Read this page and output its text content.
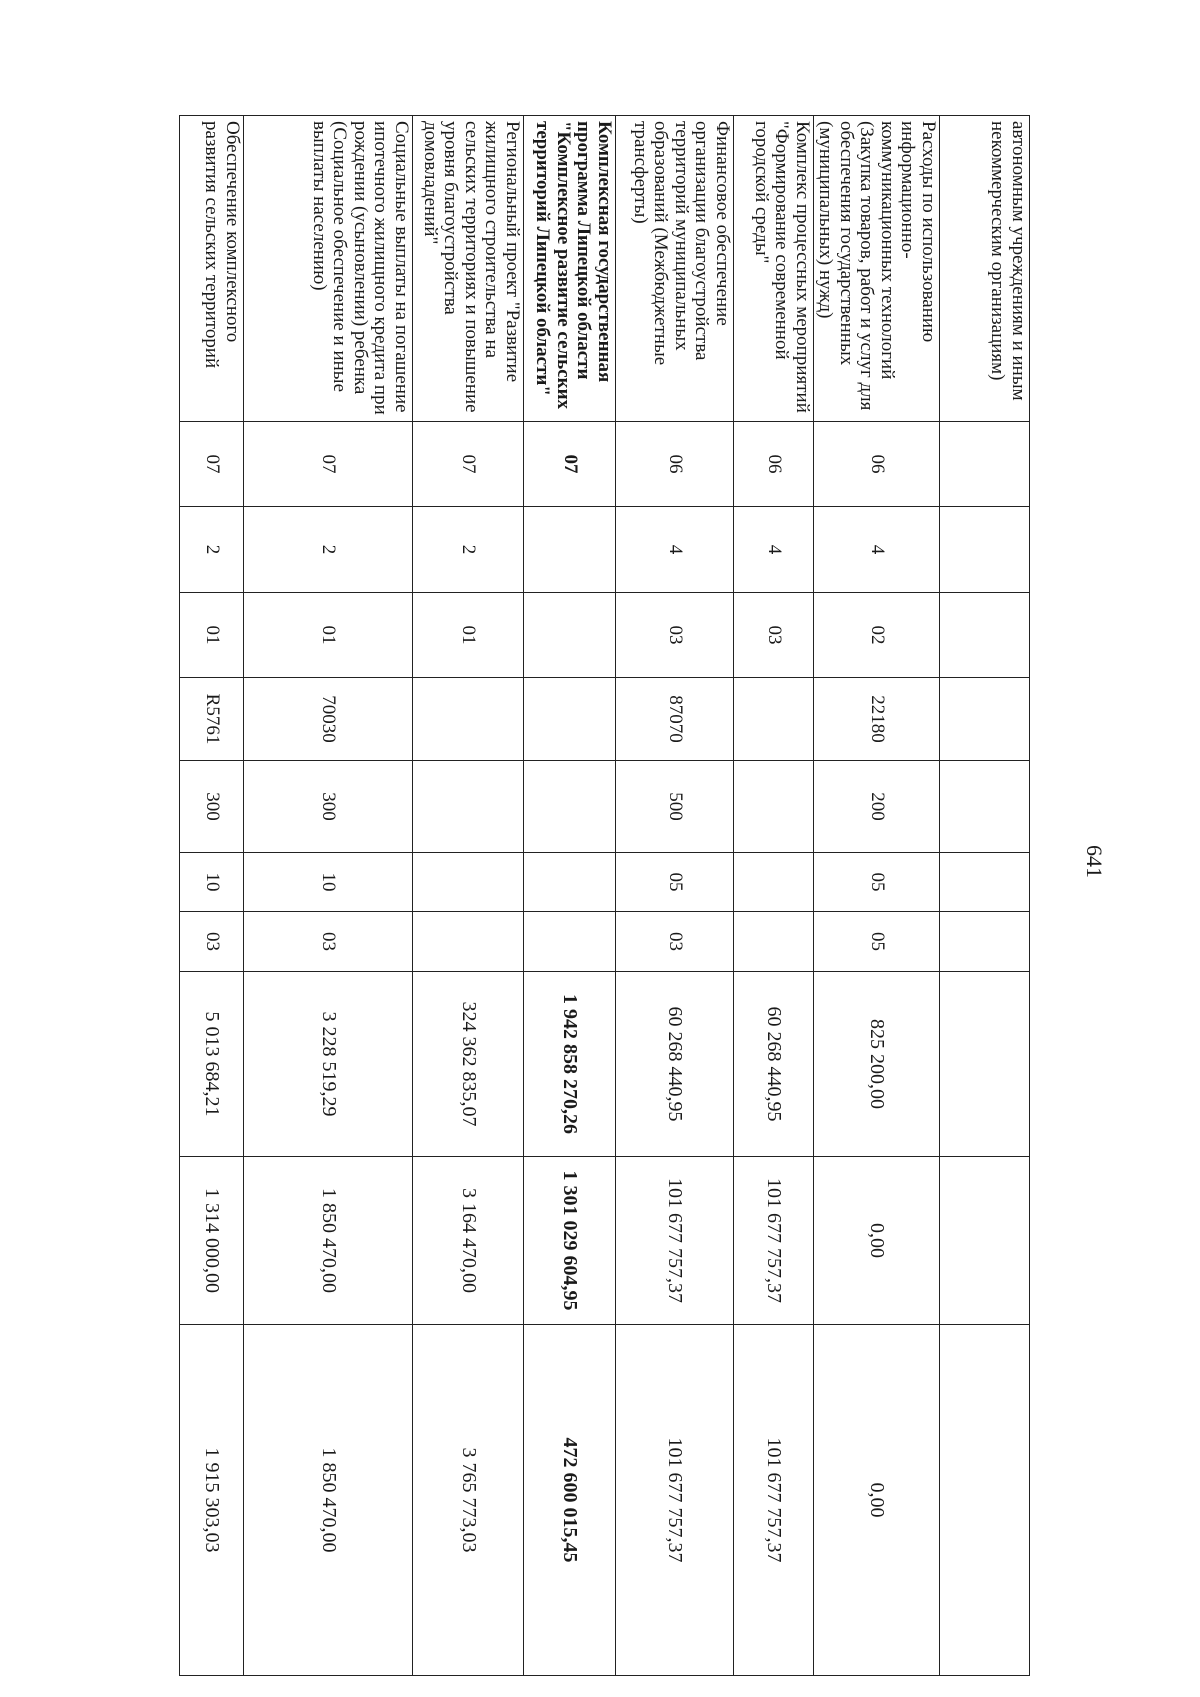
641
автономным учреждениям и иным некоммерческим организациям)										
Расходы по использованию информационно-коммуникационных технологий (Закупка товаров, работ и услуг для обеспечения государственных (муниципальных) нужд)	06	4	02	22180	200	05	05	825 200,00	0,00	0,00
Комплекс процессных мероприятий "Формирование современной городской среды"	06	4	03					60 268 440,95	101 677 757,37	101 677 757,37
Финансовое обеспечение организации благоустройства территорий муниципальных образований (Межбюджетные трансферты)	06	4	03	87070	500	05	03	60 268 440,95	101 677 757,37	101 677 757,37
Комплексная государственная программа Липецкой области "Комплексное развитие сельских территорий Липецкой области"	07							1 942 858 270,26	1 301 029 604,95	472 600 015,45
Региональный проект "Развитие жилищного строительства на сельских территориях и повышение уровня благоустройства домовладений"	07	2	01					324 362 835,07	3 164 470,00	3 765 773,03
Социальные выплаты на погашение ипотечного жилищного кредита при рождении (усыновлении) ребенка (Социальное обеспечение и иные выплаты населению)	07	2	01	70030	300	10	03	3 228 519,29	1 850 470,00	1 850 470,00
Обеспечение комплексного развития сельских территорий	07	2	01	R5761	300	10	03	5 013 684,21	1 314 000,00	1 915 303,03
